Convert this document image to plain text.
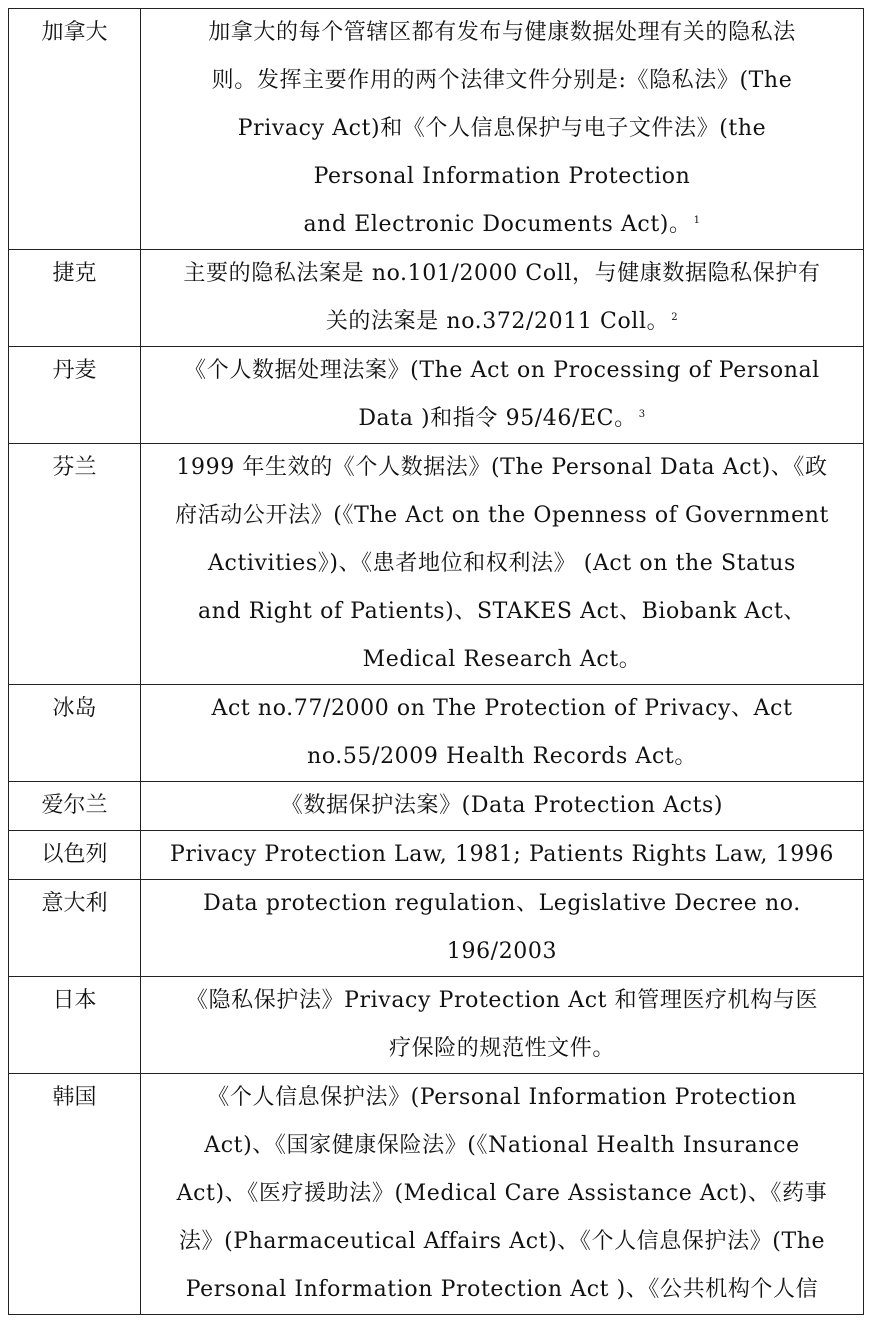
加拿大	加拿大的每个管辖区都有发布与健康数据处理有关的隐私法
则。发挥主要作用的两个法律文件分别是:《隐私法》(The
Privacy Act)和《个人信息保护与电子文件法》(the
Personal Information Protection
and Electronic Documents Act)。 $^1$

捷克	主要的隐私法案是 no.101/2000 Coll，与健康数据隐私保护有
关的法案是 no.372/2011 Coll。 $^2$

丹麦	《个人数据处理法案》(The Act on Processing of Personal
Data )和指令 95/46/EC。 $^3$

芬兰	1999 年生效的《个人数据法》(The Personal Data Act)、《政
府活动公开法》(《The Act on the Openness of Government
Activities》)、《患者地位和权利法》 (Act on the Status
and Right of Patients)、STAKES Act、Biobank Act、
Medical Research Act。

冰岛	Act no.77/2000 on The Protection of Privacy、Act
no.55/2009 Health Records Act。

爱尔兰	《数据保护法案》(Data Protection Acts)

以色列	Privacy Protection Law, 1981; Patients Rights Law, 1996

意大利	Data protection regulation、Legislative Decree no.
196/2003

日本	《隐私保护法》Privacy Protection Act 和管理医疗机构与医
疗保险的规范性文件。

韩国	《个人信息保护法》(Personal Information Protection
Act)、《国家健康保险法》(《National Health Insurance
Act)、《医疗援助法》(Medical Care Assistance Act)、《药事
法》(Pharmaceutical Affairs Act)、《个人信息保护法》(The
Personal Information Protection Act )、《公共机构个人信
